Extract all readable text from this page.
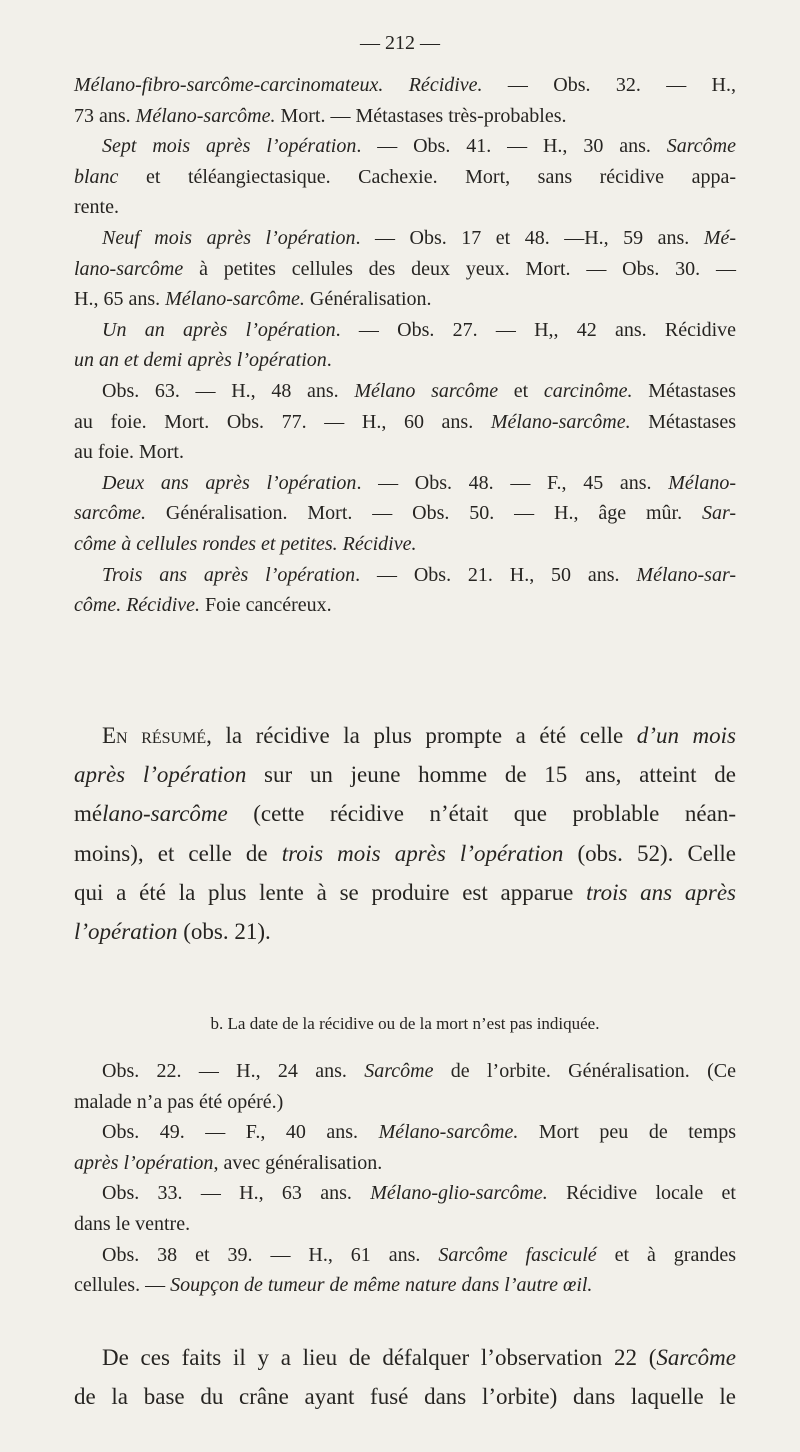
— 212 —
Mélano-fibro-sarcôme-carcinomateux. Récidive. — Obs. 32. — H.,
73 ans. Mélano-sarcôme. Mort. — Métastases très-probables.
Sept mois après l’opération. — Obs. 41. — H., 30 ans. Sarcôme
blanc et téléangiectasique. Cachexie. Mort, sans récidive appa-
rente.
Neuf mois après l’opération. — Obs. 17 et 48. —H., 59 ans. Mé-
lano-sarcôme à petites cellules des deux yeux. Mort. — Obs. 30. —
H., 65 ans. Mélano-sarcôme. Généralisation.
Un an après l’opération. — Obs. 27. — H,, 42 ans. Récidive
un an et demi après l’opération.
Obs. 63. — H., 48 ans. Mélano sarcôme et carcinôme. Métastases
au foie. Mort. Obs. 77. — H., 60 ans. Mélano-sarcôme. Métastases
au foie. Mort.
Deux ans après l’opération. — Obs. 48. — F., 45 ans. Mélano-
sarcôme. Généralisation. Mort. — Obs. 50. — H., âge mûr. Sar-
côme à cellules rondes et petites. Récidive.
Trois ans après l’opération. — Obs. 21. H., 50 ans. Mélano-sar-
côme. Récidive. Foie cancéreux.
En résumé, la récidive la plus prompte a été celle d’un mois
après l’opération sur un jeune homme de 15 ans, atteint de
mélano-sarcôme (cette récidive n’était que problable néan-
moins), et celle de trois mois après l’opération (obs. 52). Celle
qui a été la plus lente à se produire est apparue trois ans après
l’opération (obs. 21).
b. La date de la récidive ou de la mort n’est pas indiquée.
Obs. 22. — H., 24 ans. Sarcôme de l’orbite. Généralisation. (Ce
malade n’a pas été opéré.)
Obs. 49. — F., 40 ans. Mélano-sarcôme. Mort peu de temps
après l’opération, avec généralisation.
Obs. 33. — H., 63 ans. Mélano-glio-sarcôme. Récidive locale et
dans le ventre.
Obs. 38 et 39. — H., 61 ans. Sarcôme fasciculé et à grandes
cellules. — Soupçon de tumeur de même nature dans l’autre œil.
De ces faits il y a lieu de défalquer l’observation 22 (Sarcôme
de la base du crâne ayant fusé dans l’orbite) dans laquelle le
